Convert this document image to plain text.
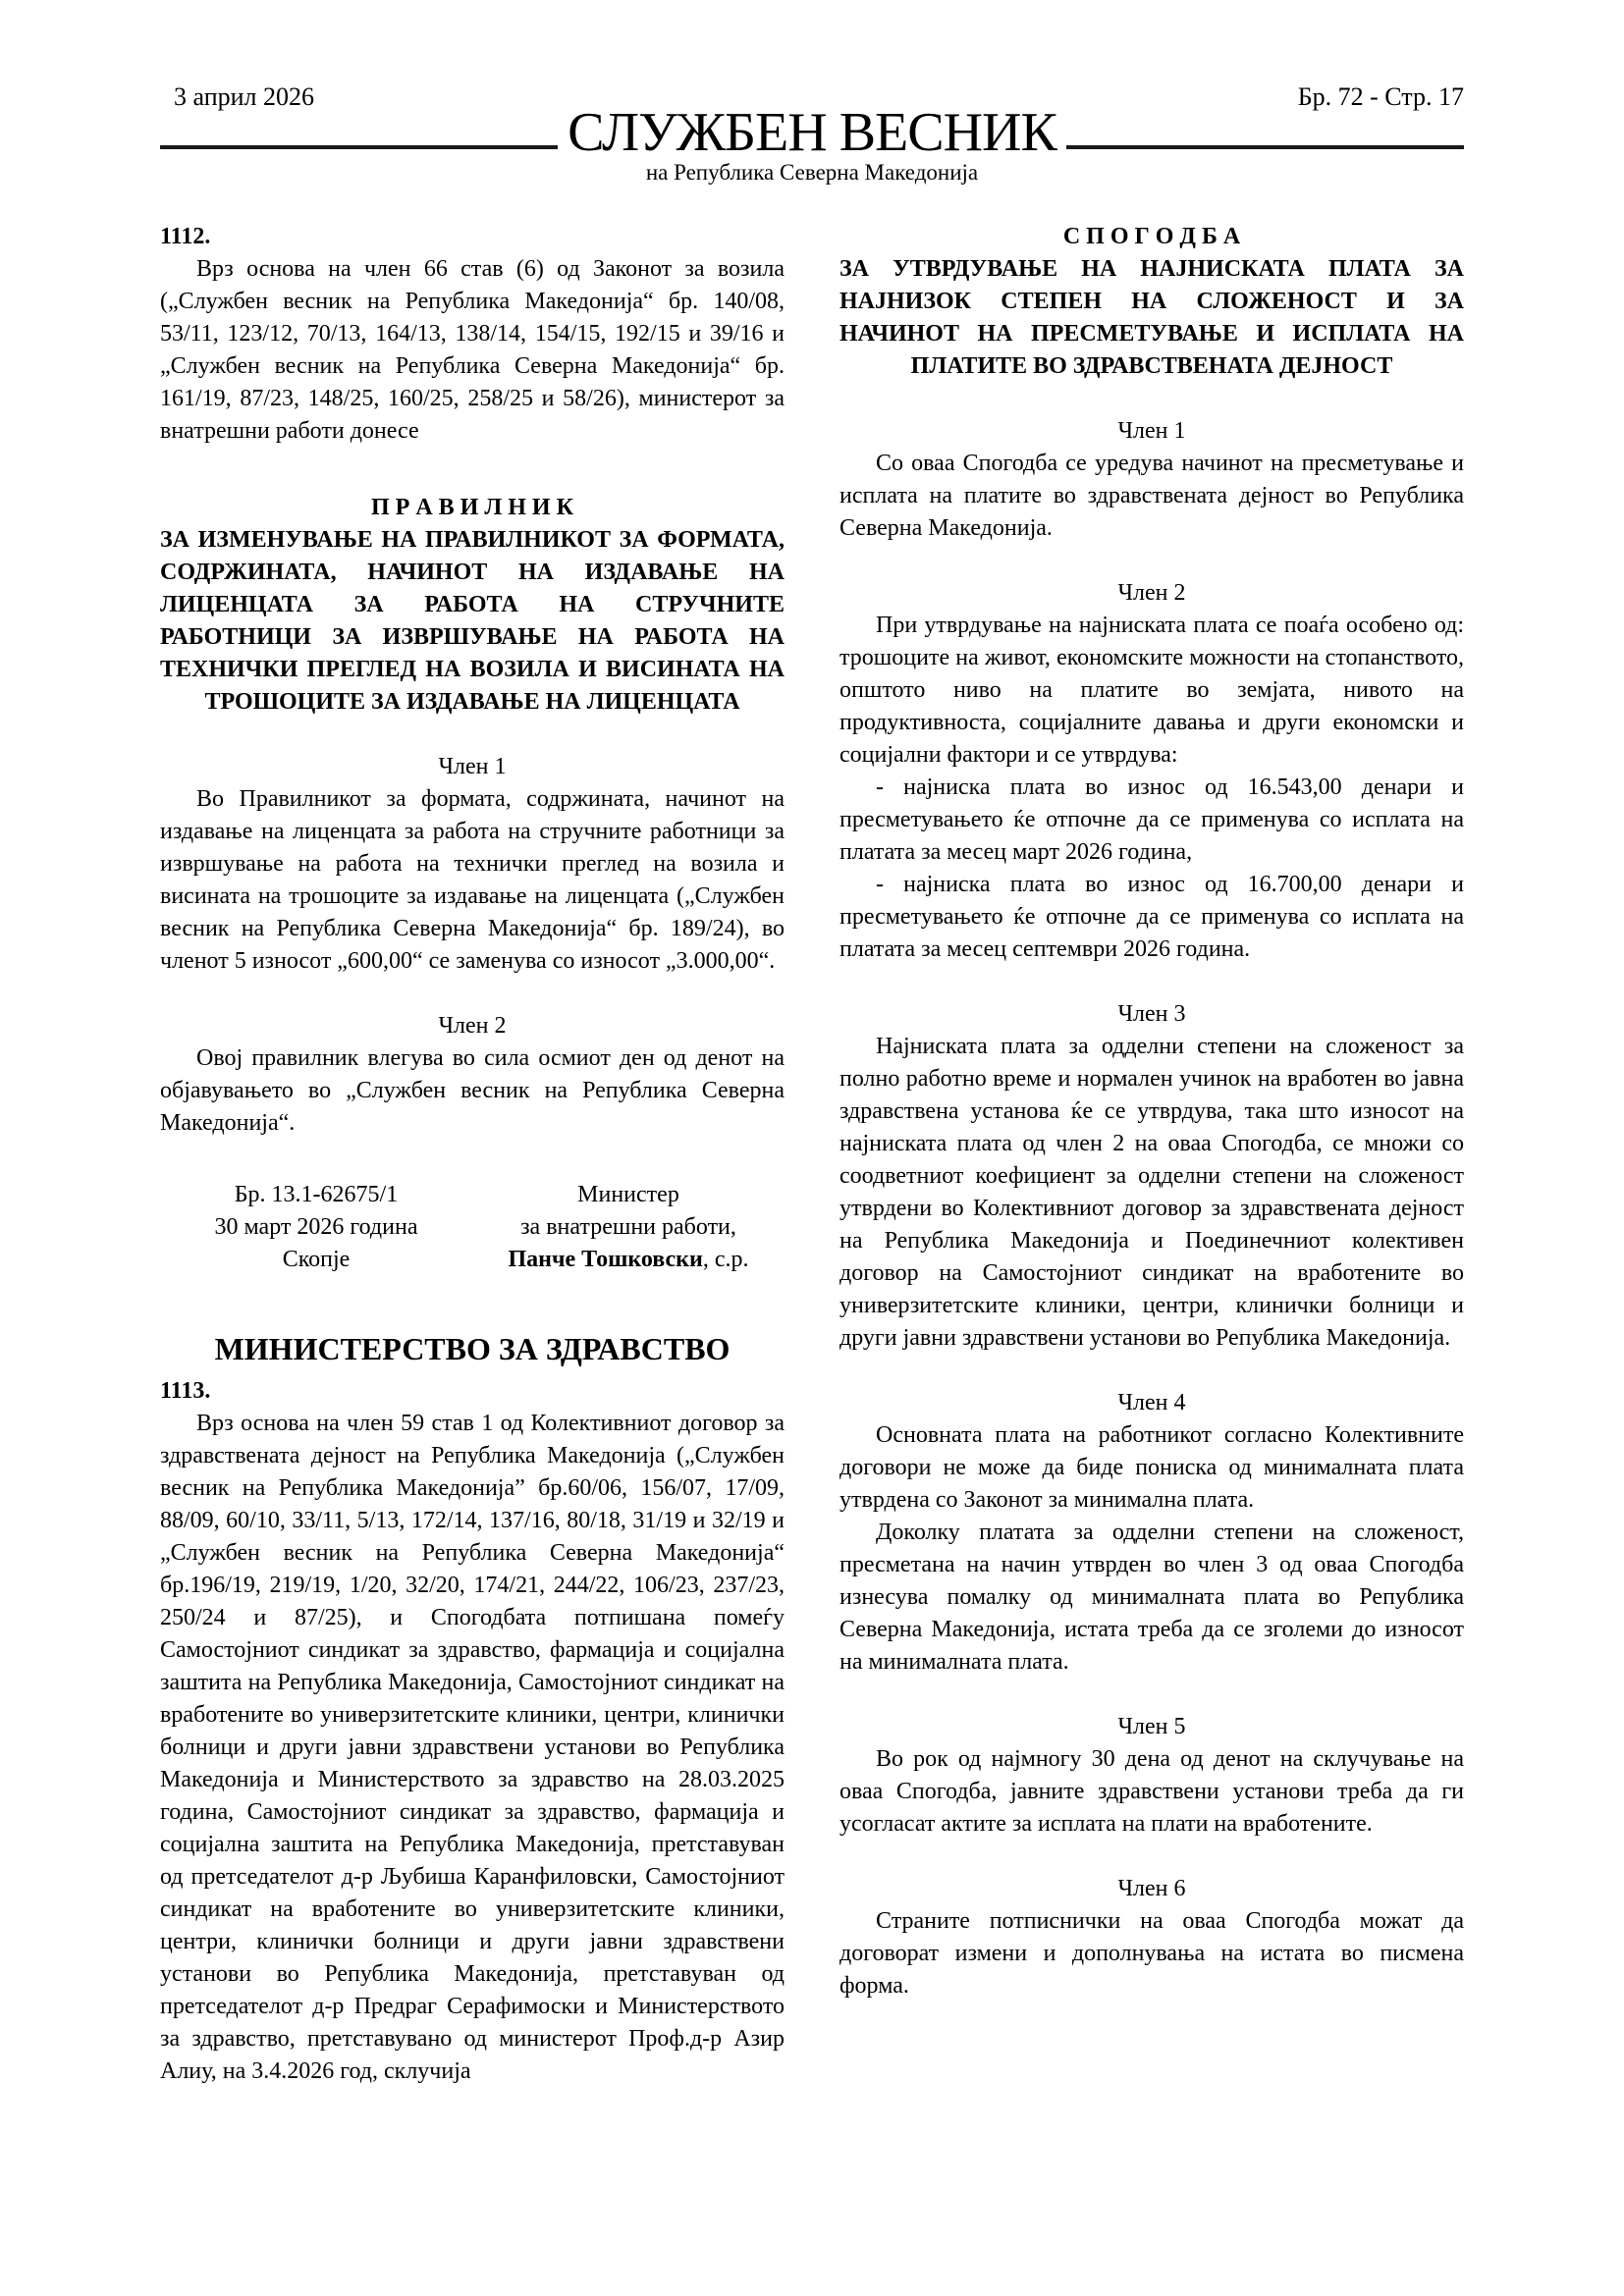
3 април 2026
СЛУЖБЕН ВЕСНИК
Бр. 72 - Стр. 17
на Република Северна Македонија

1112.

Врз основа на член 66 став (6) од Законот за возила („Службен весник на Република Македонија“ бр. 140/08, 53/11, 123/12, 70/13, 164/13, 138/14, 154/15, 192/15 и 39/16 и „Службен весник на Република Северна Македонија“ бр. 161/19, 87/23, 148/25, 160/25, 258/25 и 58/26), министерот за внатрешни работи донесе

П Р А В И Л Н И К
ЗА ИЗМЕНУВАЊЕ НА ПРАВИЛНИКОТ ЗА ФОРМАТА, СОДРЖИНАТА, НАЧИНОТ НА ИЗДАВАЊЕ НА ЛИЦЕНЦАТА ЗА РАБОТА НА СТРУЧНИТЕ РАБОТНИЦИ ЗА ИЗВРШУВАЊЕ НА РАБОТА НА ТЕХНИЧКИ ПРЕГЛЕД НА ВОЗИЛА И ВИСИНАТА НА ТРОШОЦИТЕ ЗА ИЗДАВАЊЕ НА ЛИЦЕНЦАТА
Член 1

Во Правилникот за формата, содржината, начинот на издавање на лиценцата за работа на стручните работници за извршување на работа на технички преглед на возила и висината на трошоците за издавање на лиценцата („Службен весник на Република Северна Македонија“ бр. 189/24), во членот 5 износот „600,00“ се заменува со износот „3.000,00“.

Член 2

Овој правилник влегува во сила осмиот ден од денот на објавувањето во „Службен весник на Република Северна Македонија“.

Бр. 13.1-62675/1
30 март 2026 година
Скопје
Министер
за внатрешни работи,
Панче Тошковски, с.р.
МИНИСТЕРСТВО ЗА ЗДРАВСТВО

1113.

Врз основа на член 59 став 1 од Колективниот договор за здравствената дејност на Република Македонија („Службен весник на Република Македонија” бр.60/06, 156/07, 17/09, 88/09, 60/10, 33/11, 5/13, 172/14, 137/16, 80/18, 31/19 и 32/19 и „Службен весник на Република Северна Македонија“ бр.196/19, 219/19, 1/20, 32/20, 174/21, 244/22, 106/23, 237/23, 250/24 и 87/25), и Спогодбата потпишана помеѓу Самостојниот синдикат за здравство, фармација и социјална заштита на Република Македонија, Самостојниот синдикат на вработените во универзитетските клиники, центри, клинички болници и други јавни здравствени установи во Република Македонија и Министерството за здравство на 28.03.2025 година, Самостојниот синдикат за здравство, фармација и социјална заштита на Република Македонија, претставуван од претседателот д-р Љубиша Каранфиловски, Самостојниот синдикат на вработените во универзитетските клиники, центри, клинички болници и други јавни здравствени установи во Република Македонија, претставуван од претседателот д-р Предраг Серафимоски и Министерството за здравство, претставувано од министерот Проф.д-р Азир Алиу, на 3.4.2026 год, склучија

С П О Г О Д Б А
ЗА УТВРДУВАЊЕ НА НАЈНИСКАТА ПЛАТА ЗА НАЈНИЗОК СТЕПЕН НА СЛОЖЕНОСТ И ЗА НАЧИНОТ НА ПРЕСМЕТУВАЊЕ И ИСПЛАТА НА ПЛАТИТЕ ВО ЗДРАВСТВЕНАТА ДЕЈНОСТ
Член 1

Со оваа Спогодба се уредува начинот на пресметување и исплата на платите во здравствената дејност во Република Северна Македонија.

Член 2

При утврдување на најниската плата се поаѓа особено од: трошоците на живот, економските можности на стопанството, општото ниво на платите во земјата, нивото на продуктивноста, социјалните давања и други економски и социјални фактори и се утврдува:

- најниска плата во износ од 16.543,00 денари и пресметувањето ќе отпочне да се применува со исплата на платата за месец март 2026 година,

- најниска плата во износ од 16.700,00 денари и пресметувањето ќе отпочне да се применува со исплата на платата за месец септември 2026 година.

Член 3

Најниската плата за одделни степени на сложеност за полно работно време и нормален учинок на вработен во јавна здравствена установа ќе се утврдува, така што износот на најниската плата од член 2 на оваа Спогодба, се множи со соодветниот коефициент за одделни степени на сложеност утврдени во Колективниот договор за здравствената дејност на Република Македонија и Поединечниот колективен договор на Самостојниот синдикат на вработените во универзитетските клиники, центри, клинички болници и други јавни здравствени установи во Република Македонија.

Член 4

Основната плата на работникот согласно Колективните договори не може да биде пониска од минималната плата утврдена со Законот за минимална плата.

Доколку платата за одделни степени на сложеност, пресметана на начин утврден во член 3 од оваа Спогодба изнесува помалку од минималната плата во Република Северна Македонија, истата треба да се зголеми до износот на минималната плата.

Член 5

Во рок од најмногу 30 дена од денот на склучување на оваа Спогодба, јавните здравствени установи треба да ги усогласат актите за исплата на плати на вработените.

Член 6

Страните потписнички на оваа Спогодба можат да договорат измени и дополнувања на истата во писмена форма.
